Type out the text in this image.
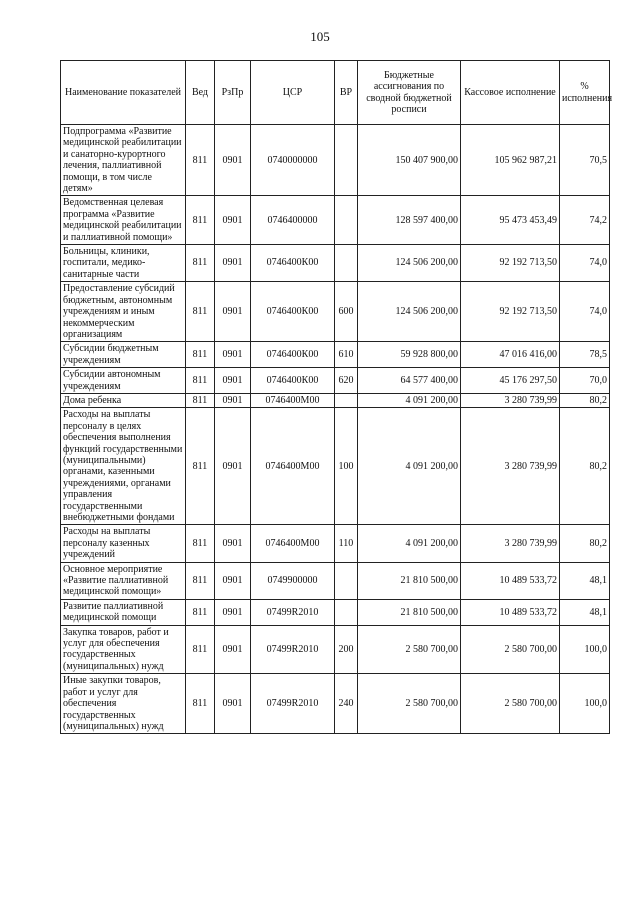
105
Наименование показателей	Вед	РзПр	ЦСР	ВР	Бюджетные ассигнования по сводной бюджетной росписи	Кассовое исполнение	% исполнения
Подпрограмма «Развитие медицинской реабилитации и санаторно-курортного лечения, паллиативной помощи, в том числе детям»	811	0901	0740000000		150 407 900,00	105 962 987,21	70,5
Ведомственная целевая программа «Развитие медицинской реабилитации и паллиативной помощи»	811	0901	0746400000		128 597 400,00	95 473 453,49	74,2
Больницы, клиники, госпитали, медико-санитарные части	811	0901	0746400К00		124 506 200,00	92 192 713,50	74,0
Предоставление субсидий бюджетным, автономным учреждениям и иным некоммерческим организациям	811	0901	0746400К00	600	124 506 200,00	92 192 713,50	74,0
Субсидии бюджетным учреждениям	811	0901	0746400К00	610	59 928 800,00	47 016 416,00	78,5
Субсидии автономным учреждениям	811	0901	0746400К00	620	64 577 400,00	45 176 297,50	70,0
Дома ребенка	811	0901	0746400М00		4 091 200,00	3 280 739,99	80,2
Расходы на выплаты персоналу в целях обеспечения выполнения функций государственными (муниципальными) органами, казенными учреждениями, органами управления государственными внебюджетными фондами	811	0901	0746400М00	100	4 091 200,00	3 280 739,99	80,2
Расходы на выплаты персоналу казенных учреждений	811	0901	0746400М00	110	4 091 200,00	3 280 739,99	80,2
Основное мероприятие «Развитие паллиативной медицинской помощи»	811	0901	0749900000		21 810 500,00	10 489 533,72	48,1
Развитие паллиативной медицинской помощи	811	0901	07499R2010		21 810 500,00	10 489 533,72	48,1
Закупка товаров, работ и услуг для обеспечения государственных (муниципальных) нужд	811	0901	07499R2010	200	2 580 700,00	2 580 700,00	100,0
Иные закупки товаров, работ и услуг для обеспечения государственных (муниципальных) нужд	811	0901	07499R2010	240	2 580 700,00	2 580 700,00	100,0
